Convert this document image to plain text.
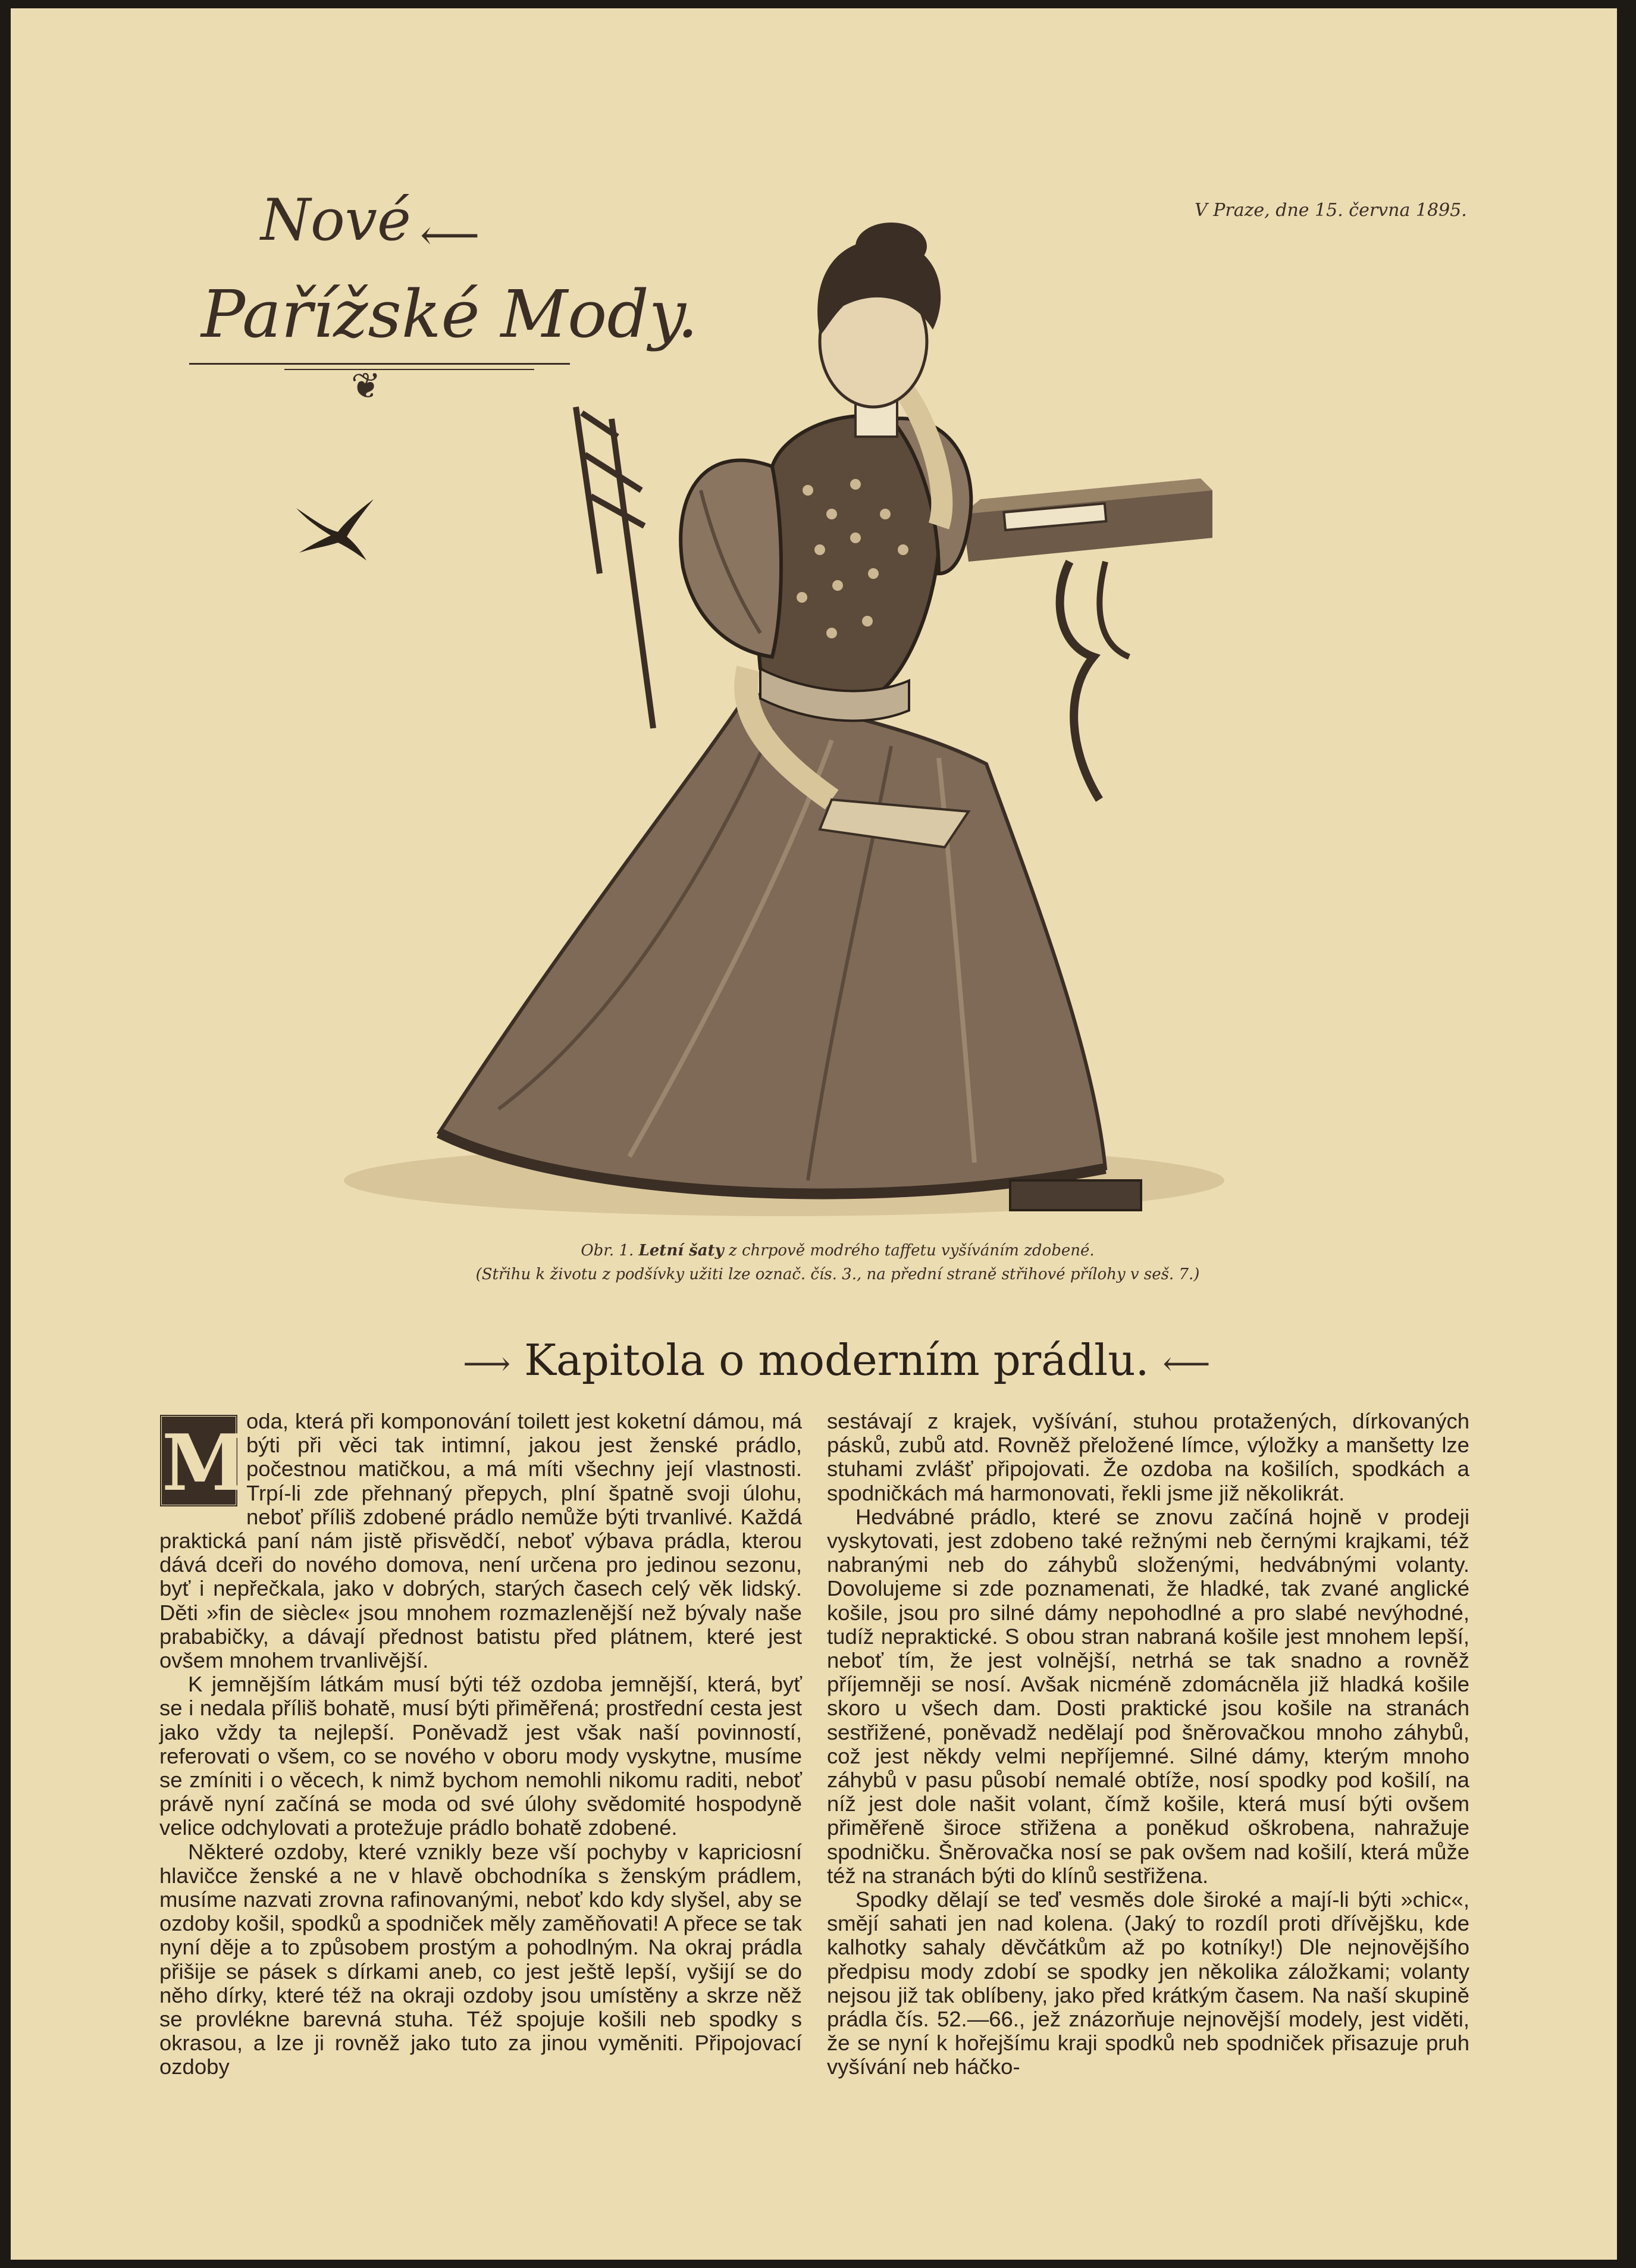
Nové ⟵
Pařížské Mody.
❦
V Praze, dne 15. června 1895.
Obr. 1. Letní šaty z chrpově modrého taffetu vyšíváním zdobené.
(Střihu k životu z podšívky užiti lze označ. čís. 3., na přední straně střihové přílohy v seš. 7.)
⟶ Kapitola o moderním prádlu. ⟵
M

oda, která při komponování toilett jest koketní dámou, má býti při věci tak intimní, jakou jest ženské prádlo, počestnou matičkou, a má míti všechny její vlastnosti. Trpí-li zde přehnaný přepych, plní špatně svoji úlohu, neboť příliš zdobené prádlo nemůže býti trvanlivé. Každá praktická paní nám jistě přisvědčí, neboť výbava prádla, kterou dává dceři do nového domova, není určena pro jedinou sezonu, byť i nepřečkala, jako v dobrých, starých časech celý věk lidský. Děti »fin de siècle« jsou mnohem rozmazlenější než bývaly naše prababičky, a dávají přednost batistu před plátnem, které jest ovšem mnohem trvanlivější.

K jemnějším látkám musí býti též ozdoba jemnější, která, byť se i nedala příliš bohatě, musí býti přiměřená; prostřední cesta jest jako vždy ta nejlepší. Poněvadž jest však naší povinností, referovati o všem, co se nového v oboru mody vyskytne, musíme se zmíniti i o věcech, k nimž bychom nemohli nikomu raditi, neboť právě nyní začíná se moda od své úlohy svědomité hospodyně velice odchylovati a protežuje prádlo bohatě zdobené.

Některé ozdoby, které vznikly beze vší pochyby v kapriciosní hlavičce ženské a ne v hlavě obchodníka s ženským prádlem, musíme nazvati zrovna rafinovanými, neboť kdo kdy slyšel, aby se ozdoby košil, spodků a spodniček měly zaměňovati! A přece se tak nyní děje a to způsobem prostým a pohodlným. Na okraj prádla přišije se pásek s dírkami aneb, co jest ještě lepší, vyšijí se do něho dírky, které též na okraji ozdoby jsou umístěny a skrze něž se provlékne barevná stuha. Též spojuje košili neb spodky s okrasou, a lze ji rovněž jako tuto za jinou vyměniti. Připojovací ozdoby

sestávají z krajek, vyšívání, stuhou protažených, dírkovaných pásků, zubů atd. Rovněž přeložené límce, výložky a manšetty lze stuhami zvlášť připojovati. Že ozdoba na košilích, spodkách a spodničkách má harmonovati, řekli jsme již několikrát.

Hedvábné prádlo, které se znovu začíná hojně v prodeji vyskytovati, jest zdobeno také režnými neb černými krajkami, též nabranými neb do záhybů složenými, hedvábnými volanty. Dovolujeme si zde poznamenati, že hladké, tak zvané anglické košile, jsou pro silné dámy nepohodlné a pro slabé nevýhodné, tudíž nepraktické. S obou stran nabraná košile jest mnohem lepší, neboť tím, že jest volnější, netrhá se tak snadno a rovněž příjemněji se nosí. Avšak nicméně zdomácněla již hladká košile skoro u všech dam. Dosti praktické jsou košile na stranách sestřižené, poněvadž nedělají pod šněrovačkou mnoho záhybů, což jest někdy velmi nepříjemné. Silné dámy, kterým mnoho záhybů v pasu působí nemalé obtíže, nosí spodky pod košilí, na níž jest dole našit volant, čímž košile, která musí býti ovšem přiměřeně široce střižena a poněkud oškrobena, nahražuje spodničku. Šněrovačka nosí se pak ovšem nad košilí, která může též na stranách býti do klínů sestřižena.

Spodky dělají se teď vesměs dole široké a mají-li býti »chic«, smějí sahati jen nad kolena. (Jaký to rozdíl proti dřívějšku, kde kalhotky sahaly děvčátkům až po kotníky!) Dle nejnovějšího předpisu mody zdobí se spodky jen několika záložkami; volanty nejsou již tak oblíbeny, jako před krátkým časem. Na naší skupině prádla čís. 52.—66., jež znázorňuje nejnovější modely, jest viděti, že se nyní k hořejšímu kraji spodků neb spodniček přisazuje pruh vyšívání neb háčko-
